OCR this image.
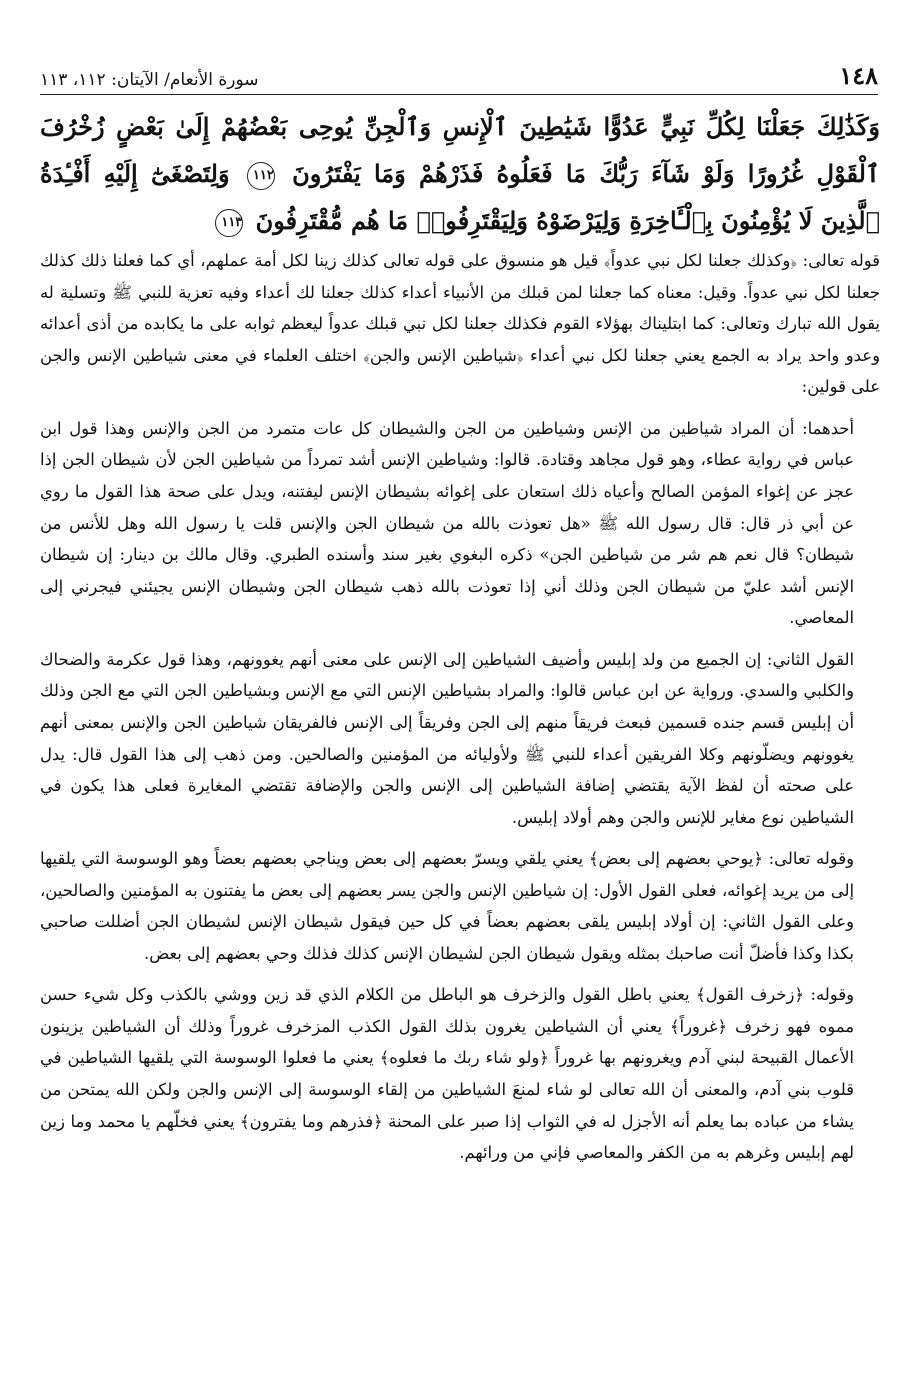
١٤٨
سورة الأنعام/ الآيتان: ١١٢، ١١٣
وَكَذَٰلِكَ جَعَلْنَا لِكُلِّ نَبِيٍّ عَدُوًّا شَيَٰطِينَ ٱلْإِنسِ وَٱلْجِنِّ يُوحِى بَعْضُهُمْ إِلَىٰ بَعْضٍ زُخْرُفَ ٱلْقَوْلِ غُرُورًا وَلَوْ شَآءَ رَبُّكَ مَا فَعَلُوهُ فَذَرْهُمْ وَمَا يَفْتَرُونَ ١١٢ وَلِتَصْغَىٰٓ إِلَيْهِ أَفْـِٔدَةُ ٱلَّذِينَ لَا يُؤْمِنُونَ بِٱلْـَٔاخِرَةِ وَلِيَرْضَوْهُ وَلِيَقْتَرِفُوا۟ مَا هُم مُّقْتَرِفُونَ ١١٣

قوله تعالى: ﴿وكذلك جعلنا لكل نبي عدواً﴾ قيل هو منسوق على قوله تعالى كذلك زينا لكل أمة عملهم، أي كما فعلنا ذلك كذلك جعلنا لكل نبي عدواً. وقيل: معناه كما جعلنا لمن قبلك من الأنبياء أعداء كذلك جعلنا لك أعداء وفيه تعزية للنبي ﷺ وتسلية له يقول الله تبارك وتعالى: كما ابتليناك بهؤلاء القوم فكذلك جعلنا لكل نبي قبلك عدواً ليعظم ثوابه على ما يكابده من أذى أعدائه وعدو واحد يراد به الجمع يعني جعلنا لكل نبي أعداء ﴿شياطين الإنس والجن﴾ اختلف العلماء في معنى شياطين الإنس والجن على قولين:

أحدهما: أن المراد شياطين من الإنس وشياطين من الجن والشيطان كل عات متمرد من الجن والإنس وهذا قول ابن عباس في رواية عطاء، وهو قول مجاهد وقتادة. قالوا: وشياطين الإنس أشد تمرداً من شياطين الجن لأن شيطان الجن إذا عجز عن إغواء المؤمن الصالح وأعياه ذلك استعان على إغوائه بشيطان الإنس ليفتنه، ويدل على صحة هذا القول ما روي عن أبي ذر قال: قال رسول الله ﷺ «هل تعوذت بالله من شيطان الجن والإنس قلت يا رسول الله وهل للأنس من شيطان؟ قال نعم هم شر من شياطين الجن» ذكره البغوي بغير سند وأسنده الطبري. وقال مالك بن دينار: إن شيطان الإنس أشد عليّ من شيطان الجن وذلك أني إذا تعوذت بالله ذهب شيطان الجن وشيطان الإنس يجيئني فيجرني إلى المعاصي.

القول الثاني: إن الجميع من ولد إبليس وأضيف الشياطين إلى الإنس على معنى أنهم يغوونهم، وهذا قول عكرمة والضحاك والكلبي والسدي. ورواية عن ابن عباس قالوا: والمراد بشياطين الإنس التي مع الإنس وبشياطين الجن التي مع الجن وذلك أن إبليس قسم جنده قسمين فبعث فريقاً منهم إلى الجن وفريقاً إلى الإنس فالفريقان شياطين الجن والإنس بمعنى أنهم يغوونهم ويضلّونهم وكلا الفريقين أعداء للنبي ﷺ ولأوليائه من المؤمنين والصالحين. ومن ذهب إلى هذا القول قال: يدل على صحته أن لفظ الآية يقتضي إضافة الشياطين إلى الإنس والجن والإضافة تقتضي المغايرة فعلى هذا يكون في الشياطين نوع مغاير للإنس والجن وهم أولاد إبليس.

وقوله تعالى: ﴿يوحي بعضهم إلى بعض﴾ يعني يلقي ويسرّ بعضهم إلى بعض ويناجي بعضهم بعضاً وهو الوسوسة التي يلقيها إلى من يريد إغوائه، فعلى القول الأول: إن شياطين الإنس والجن يسر بعضهم إلى بعض ما يفتنون به المؤمنين والصالحين، وعلى القول الثاني: إن أولاد إبليس يلقى بعضهم بعضاً في كل حين فيقول شيطان الإنس لشيطان الجن أضللت صاحبي بكذا وكذا فأضلّ أنت صاحبك بمثله ويقول شيطان الجن لشيطان الإنس كذلك فذلك وحي بعضهم إلى بعض.

وقوله: ﴿زخرف القول﴾ يعني باطل القول والزخرف هو الباطل من الكلام الذي قد زين ووشي بالكذب وكل شيء حسن مموه فهو زخرف ﴿غروراً﴾ يعني أن الشياطين يغرون بذلك القول الكذب المزخرف غروراً وذلك أن الشياطين يزينون الأعمال القبيحة لبني آدم ويغرونهم بها غروراً ﴿ولو شاء ربك ما فعلوه﴾ يعني ما فعلوا الوسوسة التي يلقيها الشياطين في قلوب بني آدم، والمعنى أن الله تعالى لو شاء لمنعَ الشياطين من إلقاء الوسوسة إلى الإنس والجن ولكن الله يمتحن من يشاء من عباده بما يعلم أنه الأجزل له في الثواب إذا صبر على المحنة ﴿فذرهم وما يفترون﴾ يعني فخلّهم يا محمد وما زين لهم إبليس وغرهم به من الكفر والمعاصي فإني من ورائهم.
